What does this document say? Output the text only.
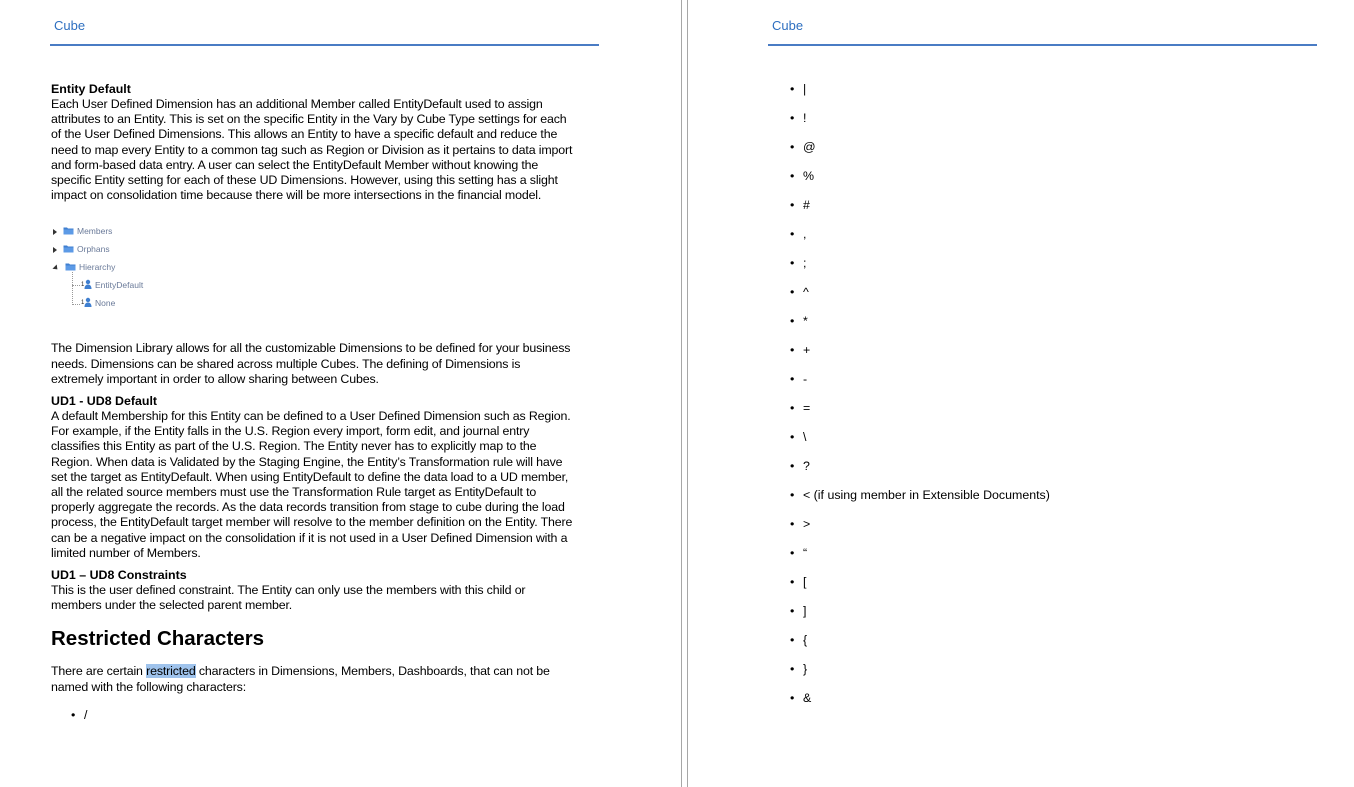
Cube

Entity Default

Each User Defined Dimension has an additional Member called EntityDefault used to assign
attributes to an Entity. This is set on the specific Entity in the Vary by Cube Type settings for each
of the User Defined Dimensions. This allows an Entity to have a specific default and reduce the
need to map every Entity to a common tag such as Region or Division as it pertains to data import
and form-based data entry. A user can select the EntityDefault Member without knowing the
specific Entity setting for each of these UD Dimensions. However, using this setting has a slight
impact on consolidation time because there will be more intersections in the financial model.
Members
Orphans
Hierarchy
1 EntityDefault
1 None
The Dimension Library allows for all the customizable Dimensions to be defined for your business
needs. Dimensions can be shared across multiple Cubes. The defining of Dimensions is
extremely important in order to allow sharing between Cubes.

UD1 - UD8 Default

A default Membership for this Entity can be defined to a User Defined Dimension such as Region.
For example, if the Entity falls in the U.S. Region every import, form edit, and journal entry
classifies this Entity as part of the U.S. Region. The Entity never has to explicitly map to the
Region. When data is Validated by the Staging Engine, the Entity’s Transformation rule will have
set the target as EntityDefault. When using EntityDefault to define the data load to a UD member,
all the related source members must use the Transformation Rule target as EntityDefault to
properly aggregate the records. As the data records transition from stage to cube during the load
process, the EntityDefault target member will resolve to the member definition on the Entity. There
can be a negative impact on the consolidation if it is not used in a User Defined Dimension with a
limited number of Members.

UD1 – UD8 Constraints

This is the user defined constraint. The Entity can only use the members with this child or
members under the selected parent member.
Restricted Characters
There are certain restricted characters in Dimensions, Members, Dashboards, that can not be
named with the following characters:
• /
Cube
• |
• !
• @
• %
• #
• ,
• ;
• ^
• *
• +
• -
• =
• \
• ?
• < (if using member in Extensible Documents)
• >
• “
• [
• ]
• {
• }
• &
